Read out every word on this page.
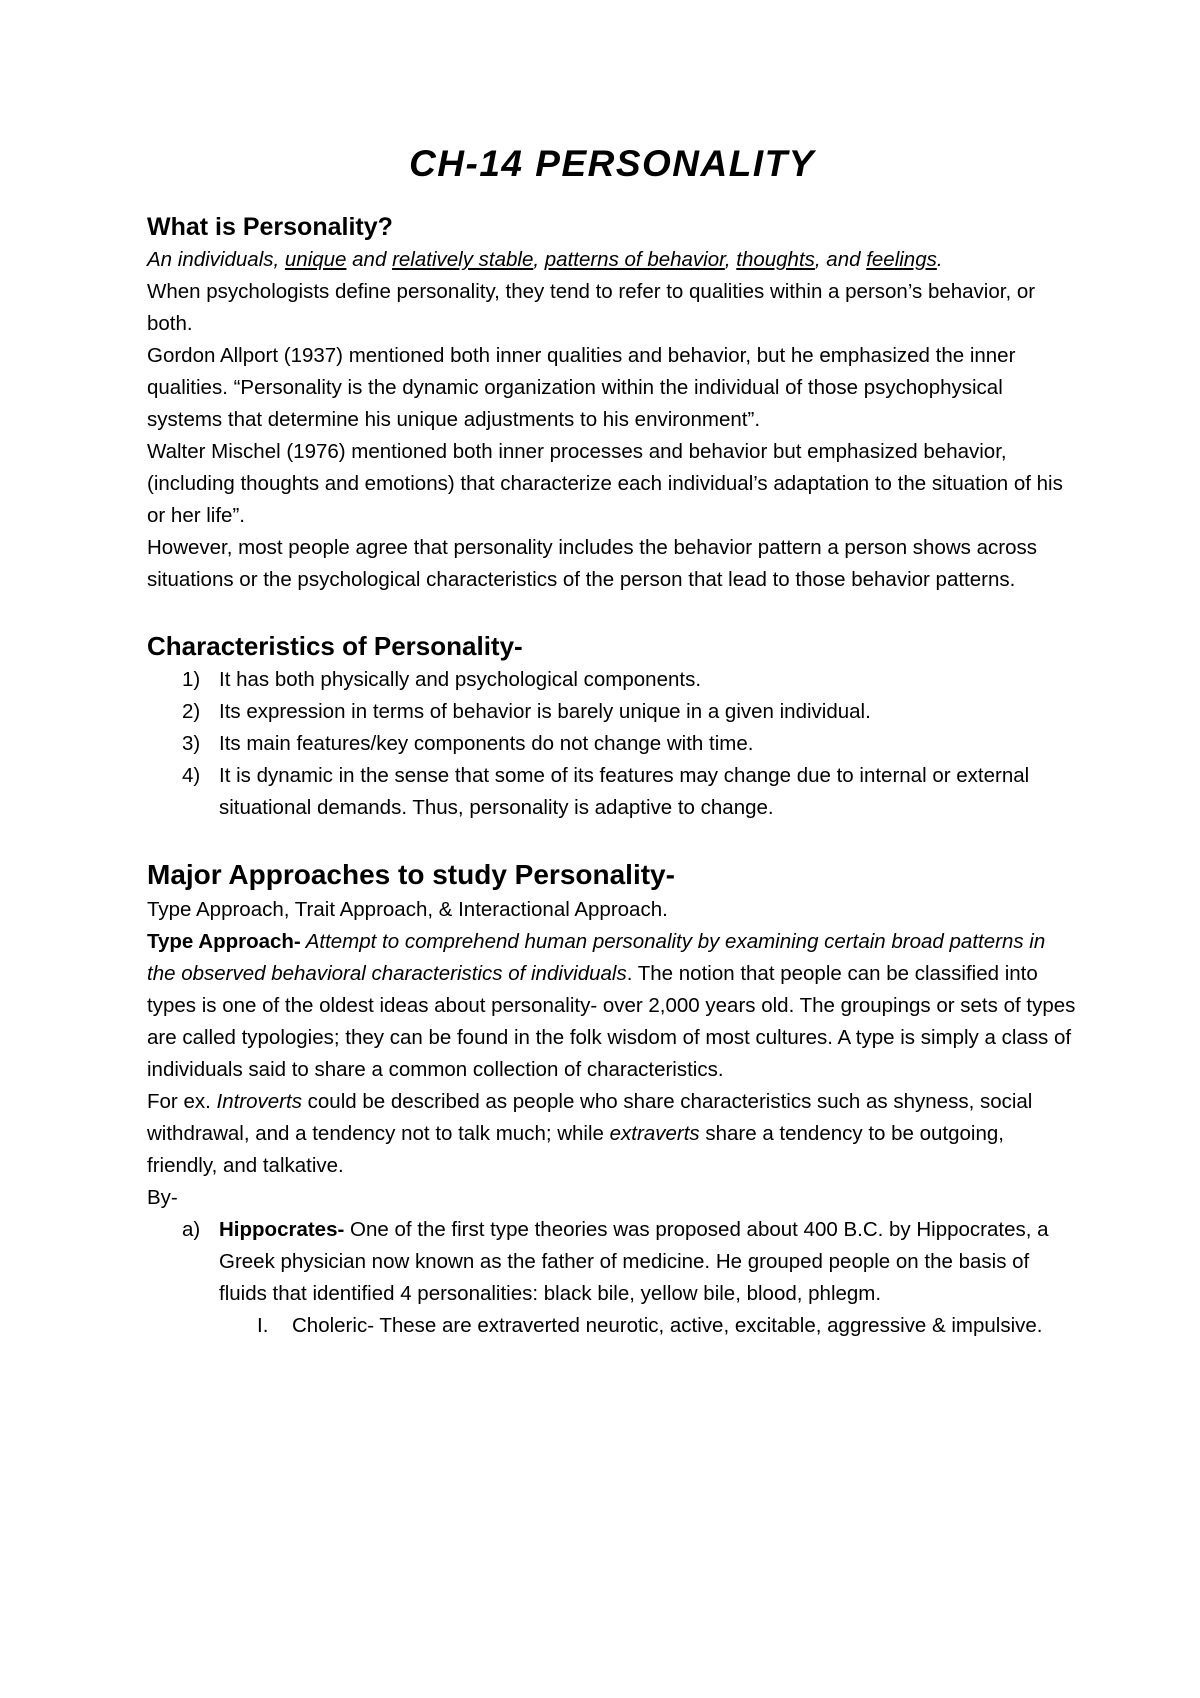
CH-14 PERSONALITY
What is Personality?

An individuals, unique and relatively stable, patterns of behavior, thoughts, and feelings.

When psychologists define personality, they tend to refer to qualities within a person’s behavior, or both.

Gordon Allport (1937) mentioned both inner qualities and behavior, but he emphasized the inner qualities. “Personality is the dynamic organization within the individual of those psychophysical systems that determine his unique adjustments to his environment”.

Walter Mischel (1976) mentioned both inner processes and behavior but emphasized behavior, (including thoughts and emotions) that characterize each individual’s adaptation to the situation of his or her life”.

However, most people agree that personality includes the behavior pattern a person shows across situations or the psychological characteristics of the person that lead to those behavior patterns.

Characteristics of Personality-
1) It has both physically and psychological components.
2) Its expression in terms of behavior is barely unique in a given individual.
3) Its main features/key components do not change with time.
4) It is dynamic in the sense that some of its features may change due to internal or external situational demands. Thus, personality is adaptive to change.
Major Approaches to study Personality-

Type Approach, Trait Approach, & Interactional Approach.

Type Approach- Attempt to comprehend human personality by examining certain broad patterns in the observed behavioral characteristics of individuals. The notion that people can be classified into types is one of the oldest ideas about personality- over 2,000 years old. The groupings or sets of types are called typologies; they can be found in the folk wisdom of most cultures. A type is simply a class of individuals said to share a common collection of characteristics.

For ex. Introverts could be described as people who share characteristics such as shyness, social withdrawal, and a tendency not to talk much; while extraverts share a tendency to be outgoing, friendly, and talkative.

By-

a) Hippocrates- One of the first type theories was proposed about 400 B.C. by Hippocrates, a Greek physician now known as the father of medicine. He grouped people on the basis of fluids that identified 4 personalities: black bile, yellow bile, blood, phlegm.
I. Choleric- These are extraverted neurotic, active, excitable, aggressive & impulsive.
